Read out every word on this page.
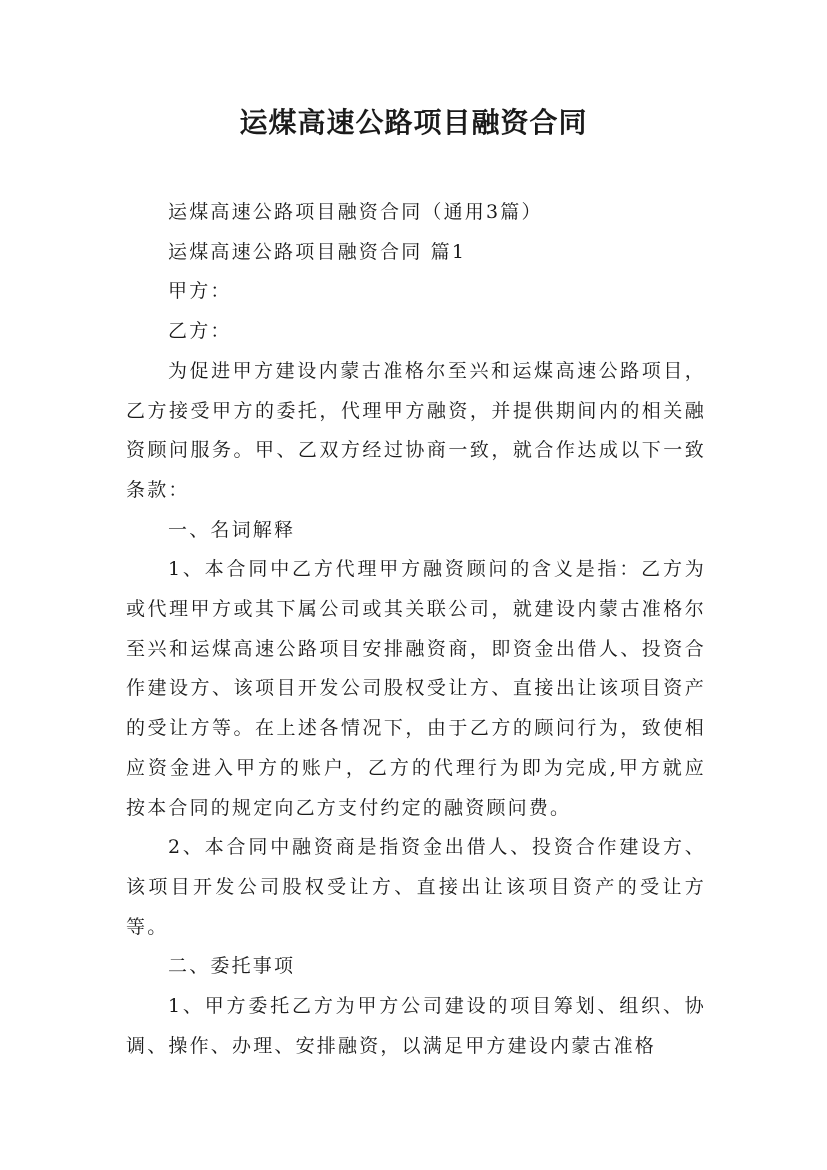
运煤高速公路项目融资合同

运煤高速公路项目融资合同（通用3篇）

运煤高速公路项目融资合同 篇1

甲方：

乙方：

为促进甲方建设内蒙古准格尔至兴和运煤高速公路项目，乙方接受甲方的委托，代理甲方融资，并提供期间内的相关融资顾问服务。甲、乙双方经过协商一致，就合作达成以下一致条款：

一、名词解释

1、本合同中乙方代理甲方融资顾问的含义是指：乙方为或代理甲方或其下属公司或其关联公司，就建设内蒙古准格尔至兴和运煤高速公路项目安排融资商，即资金出借人、投资合作建设方、该项目开发公司股权受让方、直接出让该项目资产的受让方等。在上述各情况下，由于乙方的顾问行为，致使相应资金进入甲方的账户，乙方的代理行为即为完成,甲方就应按本合同的规定向乙方支付约定的融资顾问费。

2、本合同中融资商是指资金出借人、投资合作建设方、该项目开发公司股权受让方、直接出让该项目资产的受让方等。

二、委托事项

1、甲方委托乙方为甲方公司建设的项目筹划、组织、协调、操作、办理、安排融资，以满足甲方建设内蒙古准格
